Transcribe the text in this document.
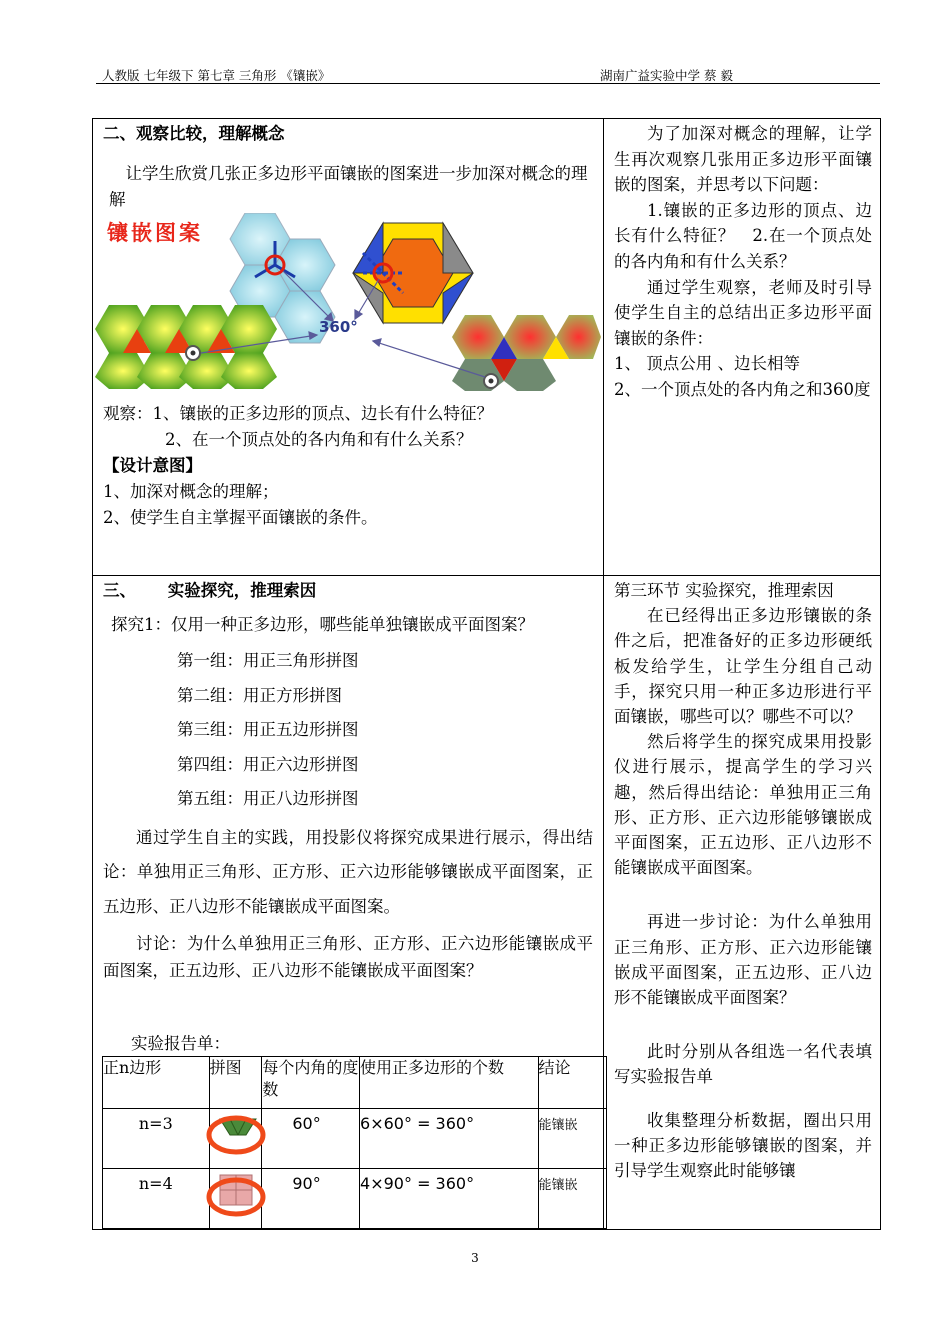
人教版 七年级下 第七章 三角形 《镶嵌》	湖南广益实验中学 蔡 毅
二、观察比较，理解概念
让学生欣赏几张正多边形平面镶嵌的图案进一步加深对概念的理解
镶嵌图案
360°
观察：1、镶嵌的正多边形的顶点、边长有什么特征？
2、在一个顶点处的各内角和有什么关系？
【设计意图】
1、加深对概念的理解；
2、使学生自主掌握平面镶嵌的条件。

为了加深对概念的理解，让学生再次观察几张用正多边形平面镶嵌的图案，并思考以下问题：

1.镶嵌的正多边形的顶点、边长有什么特征？　2.在一个顶点处的各内角和有什么关系？

通过学生观察，老师及时引导使学生自主的总结出正多边形平面镶嵌的条件：

1、 顶点公用 、边长相等

2、一个顶点处的各内角之和360度

三、 实验探究，推理索因
探究1：仅用一种正多边形，哪些能单独镶嵌成平面图案？
第一组：用正三角形拼图
第二组：用正方形拼图
第三组：用正五边形拼图
第四组：用正六边形拼图
第五组：用正八边形拼图
通过学生自主的实践，用投影仪将探究成果进行展示，得出结论：单独用正三角形、正方形、正六边形能够镶嵌成平面图案，正五边形、正八边形不能镶嵌成平面图案。
讨论：为什么单独用正三角形、正方形、正六边形能镶嵌成平面图案，正五边形、正八边形不能镶嵌成平面图案？
实验报告单：
正n边形	拼图	每个内角的度数	使用正多边形的个数	结论
n=3		60°	6×60° = 360°	能镶嵌
n=4		90°	4×90° = 360°	能镶嵌

第三环节 实验探究，推理索因

在已经得出正多边形镶嵌的条件之后，把准备好的正多边形硬纸板发给学生，让学生分组自己动手，探究只用一种正多边形进行平面镶嵌，哪些可以？哪些不可以？

然后将学生的探究成果用投影仪进行展示，提高学生的学习兴趣，然后得出结论：单独用正三角形、正方形、正六边形能够镶嵌成平面图案，正五边形、正八边形不能镶嵌成平面图案。

再进一步讨论：为什么单独用正三角形、正方形、正六边形能镶嵌成平面图案，正五边形、正八边形不能镶嵌成平面图案？

此时分别从各组选一名代表填写实验报告单

收集整理分析数据，圈出只用一种正多边形能够镶嵌的图案，并引导学生观察此时能够镶

3
